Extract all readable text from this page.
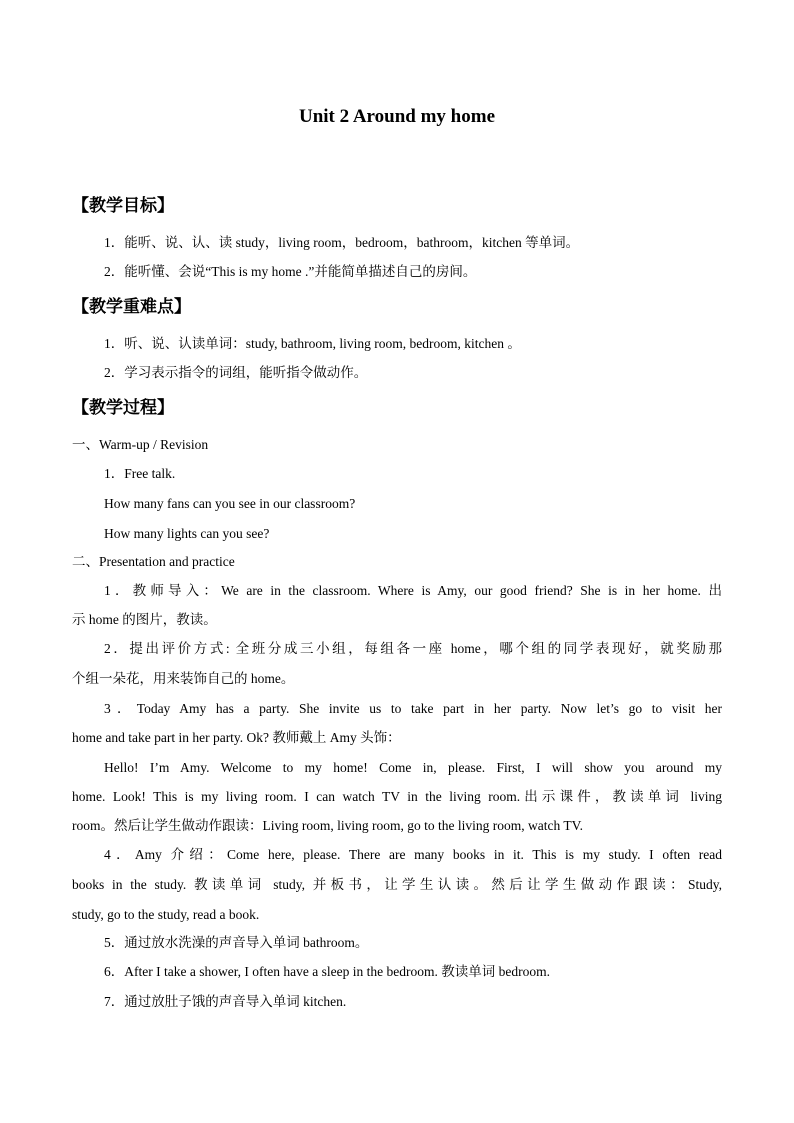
Unit 2 Around my home
【教学目标】
1．能听、说、认、读 study，living room，bedroom，bathroom，kitchen 等单词。
2．能听懂、会说“This is my home .”并能简单描述自己的房间。
【教学重难点】
1．听、说、认读单词：study, bathroom, living room, bedroom, kitchen 。
2．学习表示指令的词组，能听指令做动作。
【教学过程】
一、Warm-up / Revision
1．Free talk.
How many fans can you see in our classroom?
How many lights can you see?
二、Presentation and practice
1．教师导入：We are in the classroom. Where is Amy, our good friend? She is in her home. 出
示 home 的图片，教读。
2．提出评价方式: 全班分成三小组，每组各一座 home，哪个组的同学表现好，就奖励那
个组一朵花，用来装饰自己的 home。
3．Today Amy has a party. She invite us to take part in her party. Now let’s go to visit her
home and take part in her party. Ok? 教师戴上 Amy 头饰：
Hello! I’m Amy. Welcome to my home! Come in, please. First, I will show you around my
home. Look! This is my living room. I can watch TV in the living room.出示课件，教读单词 living
room。然后让学生做动作跟读：Living room, living room, go to the living room, watch TV.
4．Amy 介绍：Come here, please. There are many books in it. This is my study. I often read
books in the study. 教读单词 study, 并板书，让学生认读。然后让学生做动作跟读：Study,
study, go to the study, read a book.
5．通过放水洗澡的声音导入单词 bathroom。
6．After I take a shower, I often have a sleep in the bedroom. 教读单词 bedroom.
7．通过放肚子饿的声音导入单词 kitchen.
